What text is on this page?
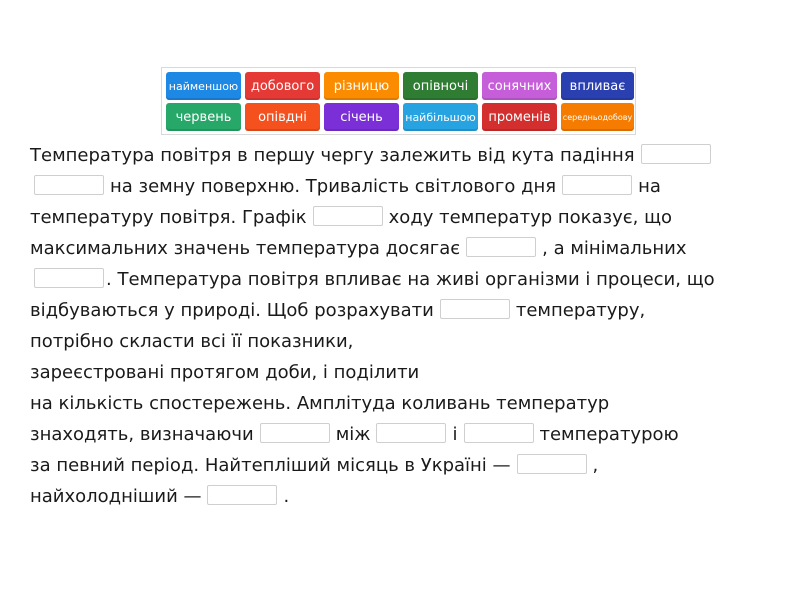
найменшою добового	різницю	опівночі	сонячних	впливає
червень	опівдні	січень	найбільшою променів	середньодобову
Температура повітря в першу чергу залежить від кута падіння
на земну поверхню. Тривалість світлового дня	на
температуру повітря. Графік	ходу температур показує, що
максимальних значень температура досягає	, а мінімальних
. Температура повітря впливає на живі організми і процеси, що
відбуваються у природі. Щоб розрахувати	температуру,
потрібно скласти всі її показники,
зареєстровані протягом доби, і поділити
на кількість спостережень. Амплітуда коливань температур
знаходять, визначаючи	між	і	температурою
за певний період. Найтепліший місяць в Україні —	,
найхолодніший —	.
